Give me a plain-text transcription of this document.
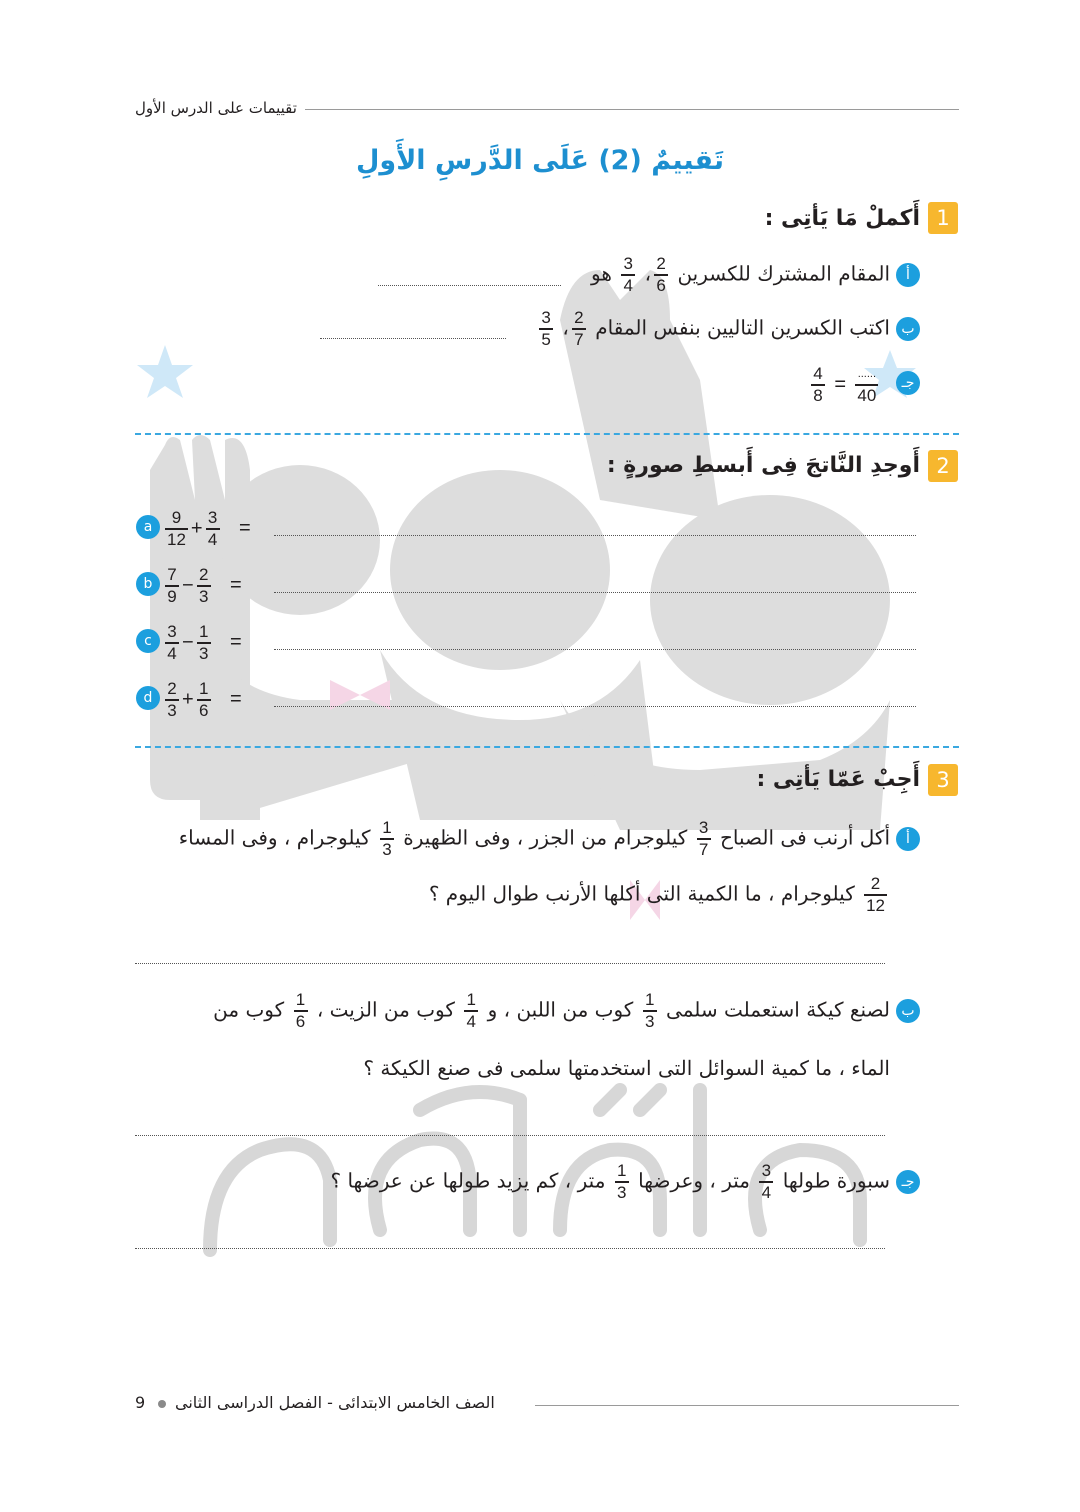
تقييمات على الدرس الأول
تَقييمٌ (2) عَلَى الدَّرسِ الأَولِ
1
أَكملْ مَا يَأتِى :
أ
المقام المشترك للكسرين
$\frac{2}{6}$
،
$\frac{3}{4}$
هو
ب
اكتب الكسرين التاليين بنفس المقام
$\frac{2}{7}$
،
$\frac{3}{5}$
جـ
$\frac{4}{8} = \frac{......}{40}$
2
أَوجدِ النَّاتجَ فِى أَبسطِ صورةٍ :
a $\frac{9}{12} + \frac{3}{4}$ =
b $\frac{7}{9} - \frac{2}{3}$ =
c $\frac{3}{4} - \frac{1}{3}$ =
d $\frac{2}{3} + \frac{1}{6}$ =
3
أَجِبْ عَمّا يَأتِى :
أ
أكل أرنب فى الصباح
$\frac{3}{7}$
كيلوجرام من الجزر ، وفى الظهيرة
$\frac{1}{3}$
كيلوجرام ، وفى المساء
$\frac{2}{12}$
كيلوجرام ، ما الكمية التى أكلها الأرنب طوال اليوم ؟
ب
لصنع كيكة استعملت سلمى
$\frac{1}{3}$
كوب من اللبن ، و
$\frac{1}{4}$
كوب من الزيت ،
$\frac{1}{6}$
كوب من
الماء ، ما كمية السوائل التى استخدمتها سلمى فى صنع الكيكة ؟
جـ
سبورة طولها
$\frac{3}{4}$
متر ، وعرضها
$\frac{1}{3}$
متر ، كم يزيد طولها عن عرضها ؟
9 الصف الخامس الابتدائى - الفصل الدراسى الثانى
